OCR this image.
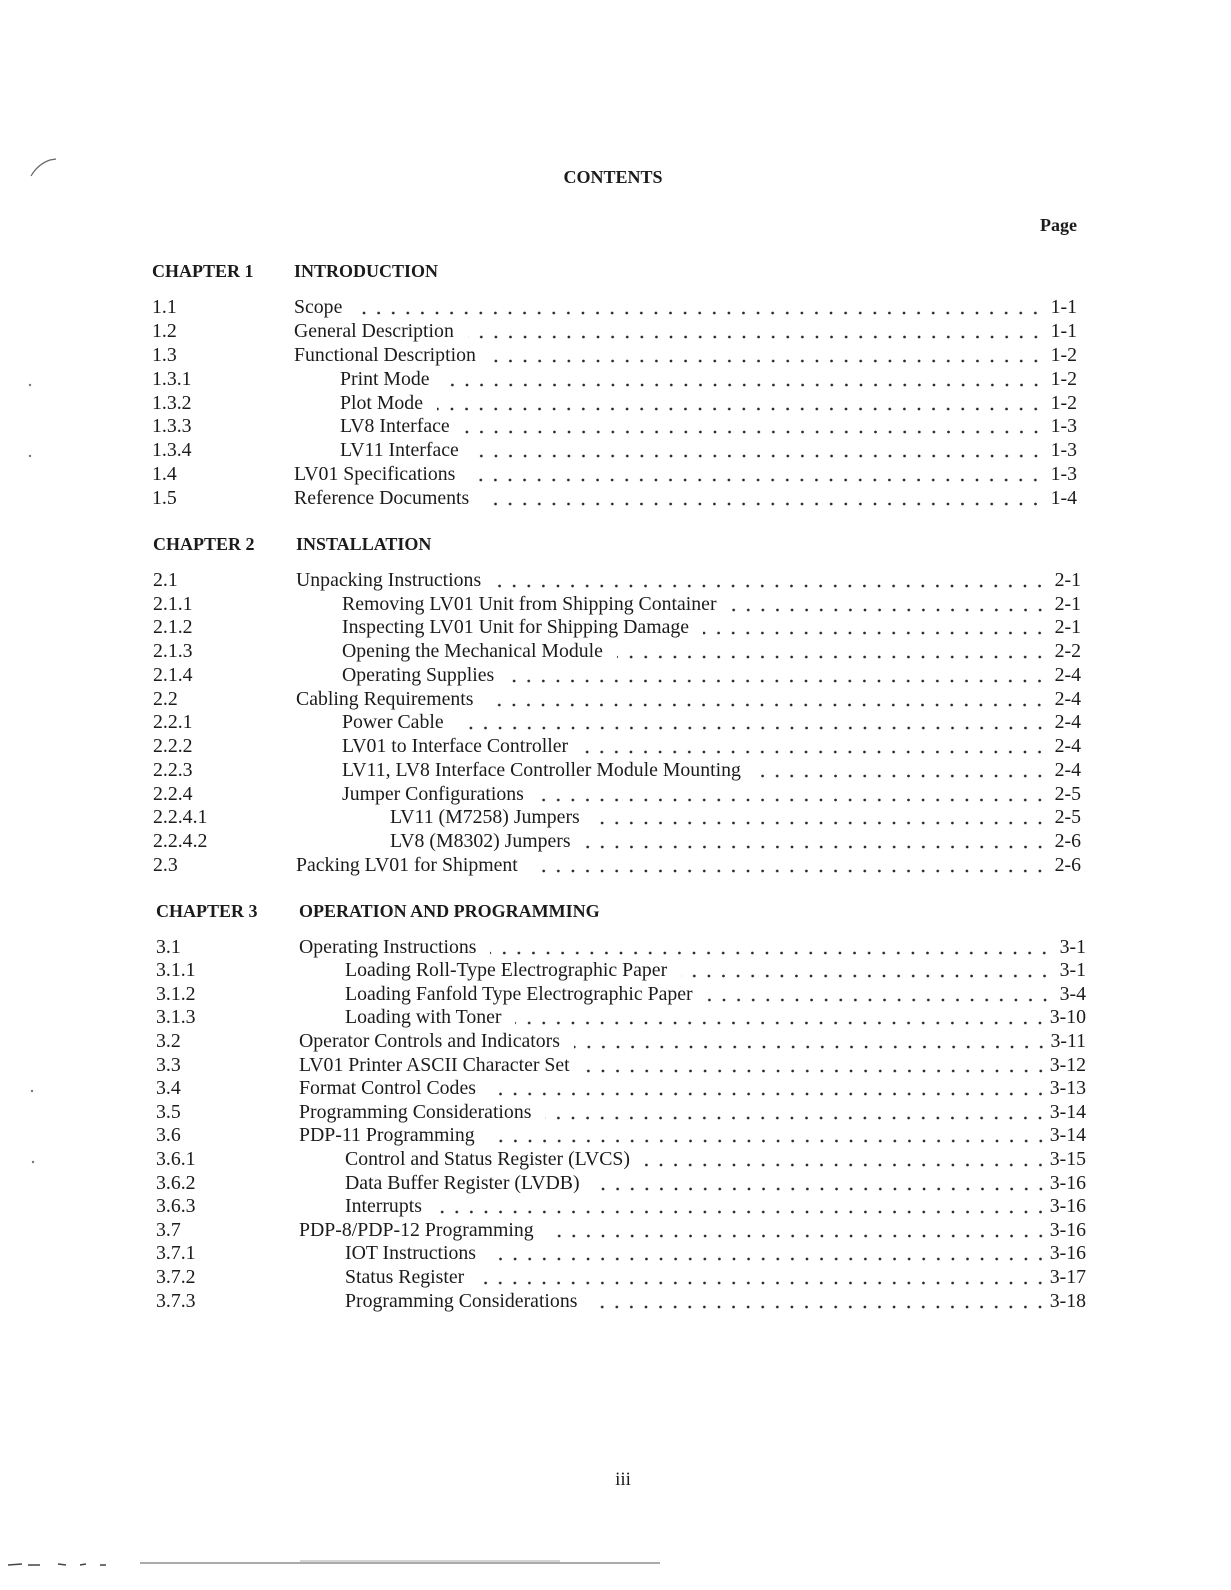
CONTENTS
Page
iii
CHAPTER 1	INTRODUCTION
1.1	Scope	1-1
1.2	General Description	1-1
1.3	Functional Description	1-2
1.3.1	Print Mode	1-2
1.3.2	Plot Mode	1-2
1.3.3	LV8 Interface	1-3
1.3.4	LV11 Interface	1-3
1.4	LV01 Specifications	1-3
1.5	Reference Documents	1-4
CHAPTER 2	INSTALLATION
2.1	Unpacking Instructions	2-1
2.1.1	Removing LV01 Unit from Shipping Container	2-1
2.1.2	Inspecting LV01 Unit for Shipping Damage	2-1
2.1.3	Opening the Mechanical Module	2-2
2.1.4	Operating Supplies	2-4
2.2	Cabling Requirements	2-4
2.2.1	Power Cable	2-4
2.2.2	LV01 to Interface Controller	2-4
2.2.3	LV11, LV8 Interface Controller Module Mounting	2-4
2.2.4	Jumper Configurations	2-5
2.2.4.1	LV11 (M7258) Jumpers	2-5
2.2.4.2	LV8 (M8302) Jumpers	2-6
2.3	Packing LV01 for Shipment	2-6
CHAPTER 3	OPERATION AND PROGRAMMING
3.1	Operating Instructions	3-1
3.1.1	Loading Roll-Type Electrographic Paper	3-1
3.1.2	Loading Fanfold Type Electrographic Paper	3-4
3.1.3	Loading with Toner	3-10
3.2	Operator Controls and Indicators	3-11
3.3	LV01 Printer ASCII Character Set	3-12
3.4	Format Control Codes	3-13
3.5	Programming Considerations	3-14
3.6	PDP-11 Programming	3-14
3.6.1	Control and Status Register (LVCS)	3-15
3.6.2	Data Buffer Register (LVDB)	3-16
3.6.3	Interrupts	3-16
3.7	PDP-8/PDP-12 Programming	3-16
3.7.1	IOT Instructions	3-16
3.7.2	Status Register	3-17
3.7.3	Programming Considerations	3-18
